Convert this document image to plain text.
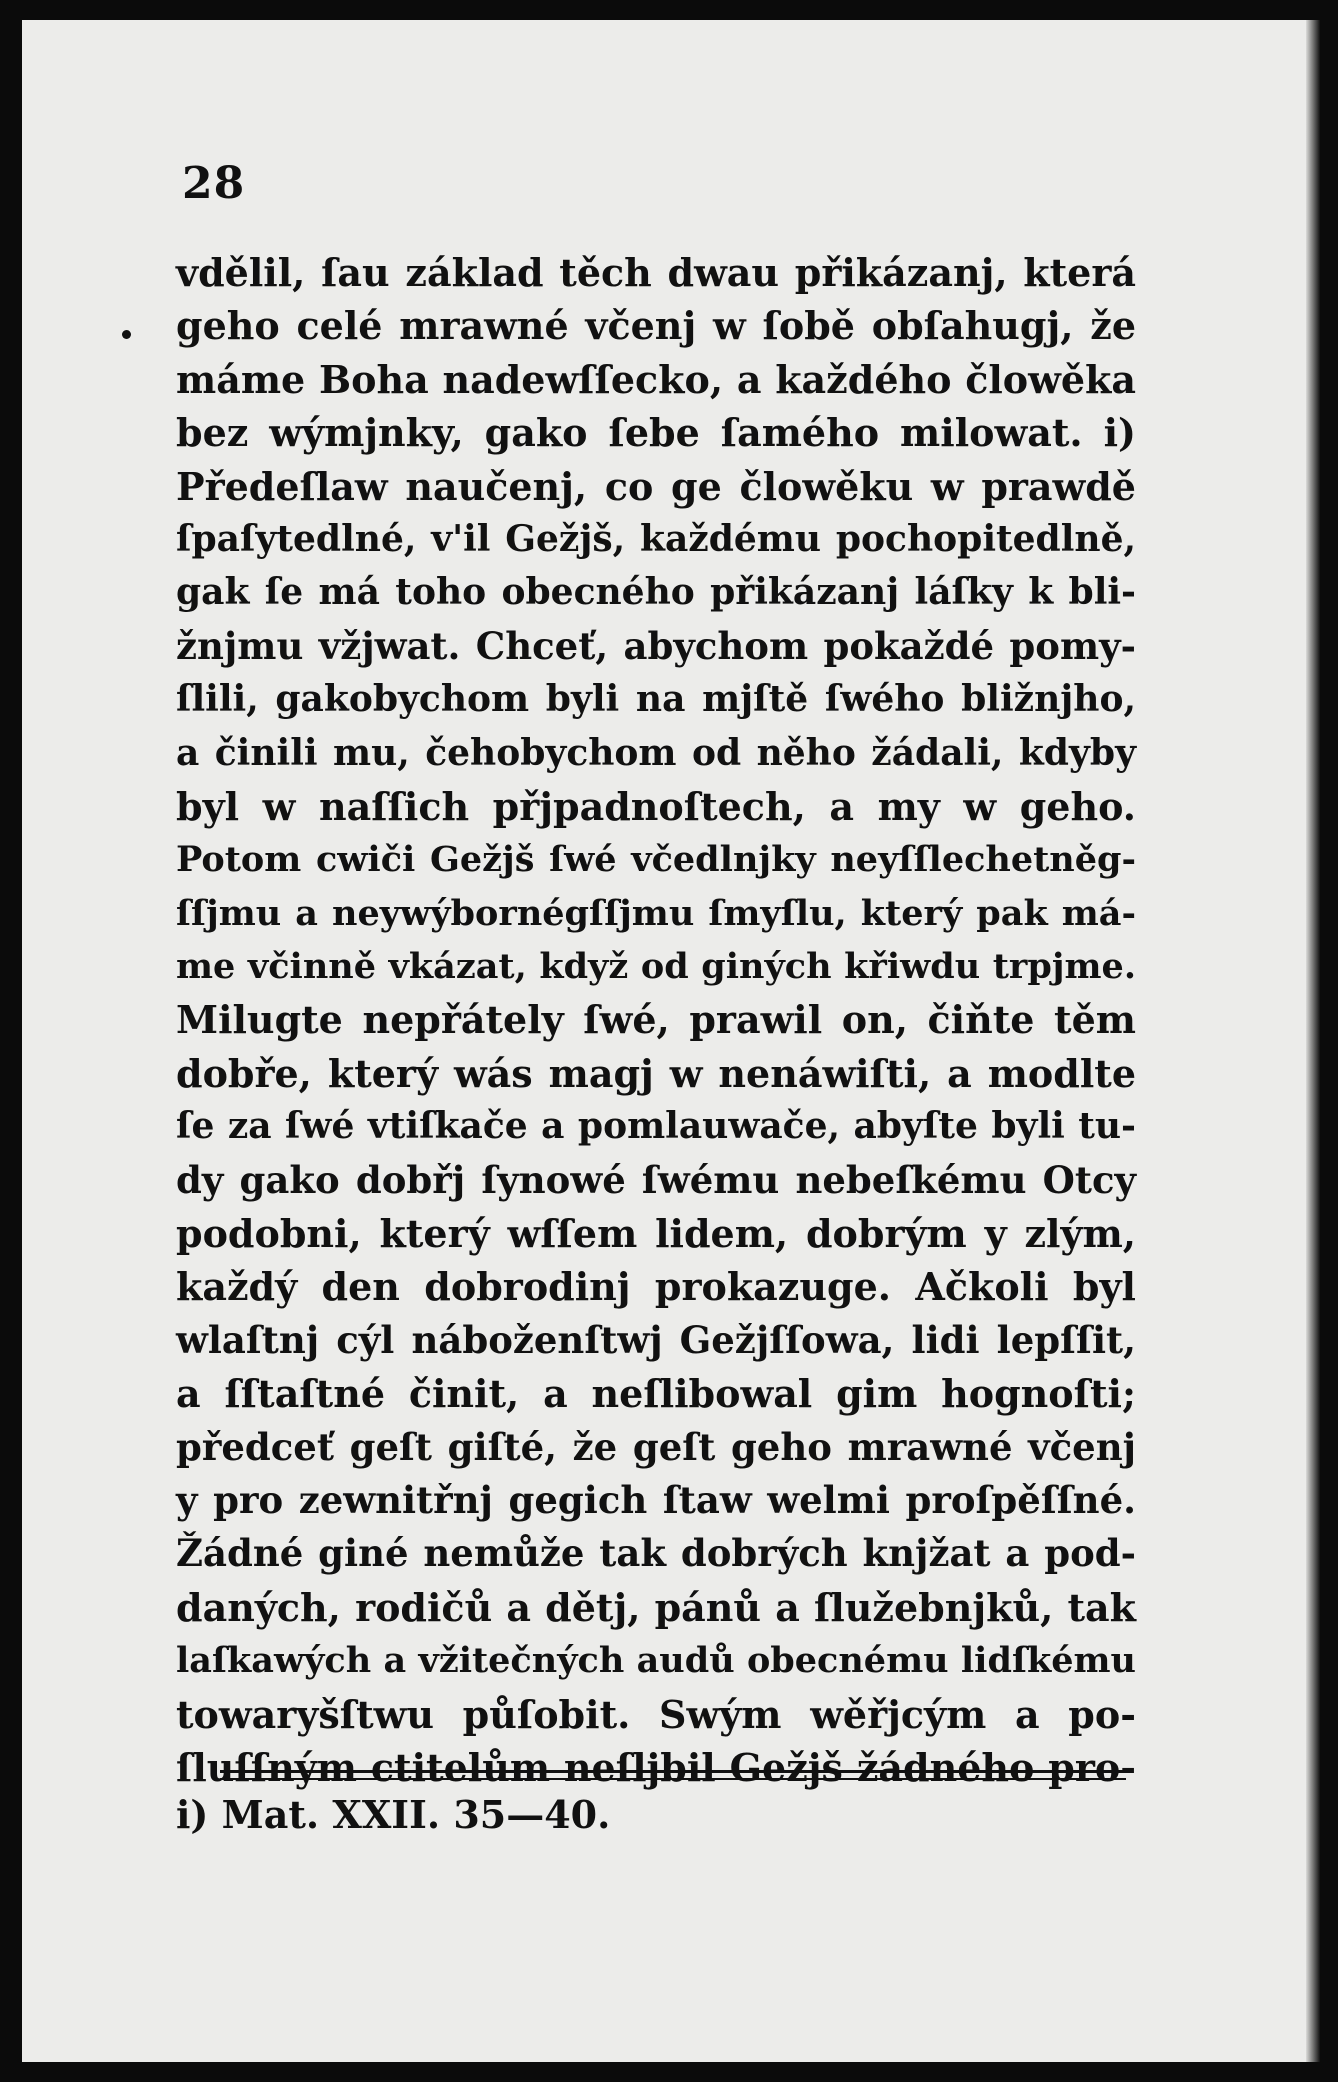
28
vdělil, ſau základ těch dwau přikázanj, která
geho celé mrawné včenj w ſobě obſahugj, že
máme Boha nadewſſecko, a každého člowěka
bez wýmjnky, gako ſebe ſamého milowat. i)
Předeſlaw naučenj, co ge člowěku w prawdě
ſpaſytedlné, v'il Gežjš, každému pochopitedlně,
gak ſe má toho obecného přikázanj láſky k bli-
žnjmu vžjwat. Chceť, abychom pokaždé pomy-
ſlili, gakobychom byli na mjſtě ſwého bližnjho,
a činili mu, čehobychom od něho žádali, kdyby
byl w naſſich přjpadnoſtech, a my w geho.
Potom cwiči Gežjš ſwé včedlnjky neyſſlechetněg-
ſſjmu a neywýbornégſſjmu ſmyſlu, který pak má-
me včinně vkázat, když od giných křiwdu trpjme.
Milugte nepřátely ſwé, prawil on, čiňte těm
dobře, který wás magj w nenáwiſti, a modlte
ſe za ſwé vtiſkače a pomlauwače, abyſte byli tu-
dy gako dobřj ſynowé ſwému nebeſkému Otcy
podobni, který wſſem lidem, dobrým y zlým,
každý den dobrodinj prokazuge. Ačkoli byl
wlaſtnj cýl náboženſtwj Gežjſſowa, lidi lepſſit,
a ſſtaſtné činit, a neſlibowal gim hognoſti;
předceť geſt giſté, že geſt geho mrawné včenj
y pro zewnitřnj gegich ſtaw welmi proſpěſſné.
Žádné giné nemůže tak dobrých knjžat a pod-
daných, rodičů a dětj, pánů a ſlužebnjků, tak
laſkawých a vžitečných audů obecnému lidſkému
towaryšſtwu půſobit. Swým wěřjcým a po-
ſluſſným ctitelům neſljbil Gežjš žádného pro-
i) Mat. XXII. 35—40.
